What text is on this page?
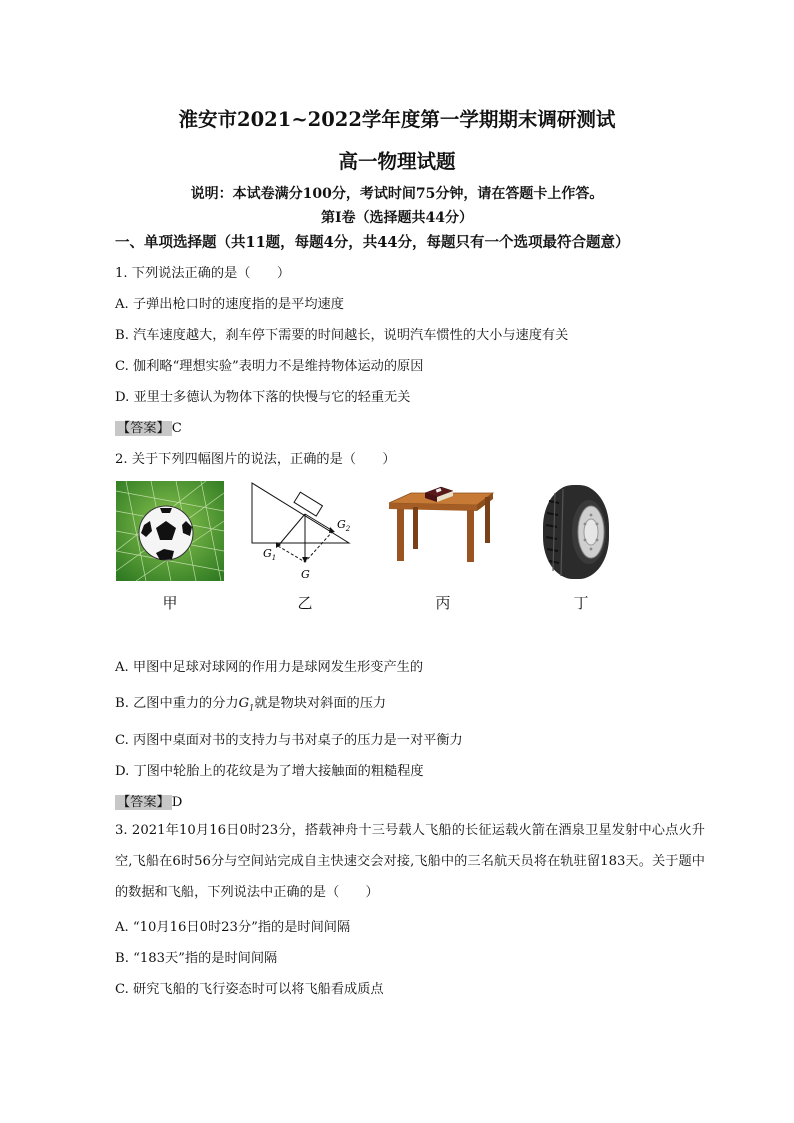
淮安市2021~2022学年度第一学期期末调研测试
高一物理试题
说明：本试卷满分100分，考试时间75分钟，请在答题卡上作答。
第Ⅰ卷（选择题共44分）
一、单项选择题（共11题，每题4分，共44分，每题只有一个选项最符合题意）
1. 下列说法正确的是（　　）
A. 子弹出枪口时的速度指的是平均速度
B. 汽车速度越大，刹车停下需要的时间越长，说明汽车惯性的大小与速度有关
C. 伽利略“理想实验”表明力不是维持物体运动的原因
D. 亚里士多德认为物体下落的快慢与它的轻重无关
【答案】 C
2. 关于下列四幅图片的说法，正确的是（　　）
$G_2$
$G_1$
G
甲	乙	丙	丁
A. 甲图中足球对球网的作用力是球网发生形变产生的
B. 乙图中重力的分力$G_1$就是物块对斜面的压力
C. 丙图中桌面对书的支持力与书对桌子的压力是一对平衡力
D. 丁图中轮胎上的花纹是为了增大接触面的粗糙程度
【答案】 D
3. 2021年10月16日0时23分，搭载神舟十三号载人飞船的长征运载火箭在酒泉卫星发射中心点火升空,飞船在6时56分与空间站完成自主快速交会对接,飞船中的三名航天员将在轨驻留183天。关于题中的数据和飞船，下列说法中正确的是（　　）
A. “10月16日0时23分”指的是时间间隔
B. “183天”指的是时间间隔
C. 研究飞船的飞行姿态时可以将飞船看成质点
